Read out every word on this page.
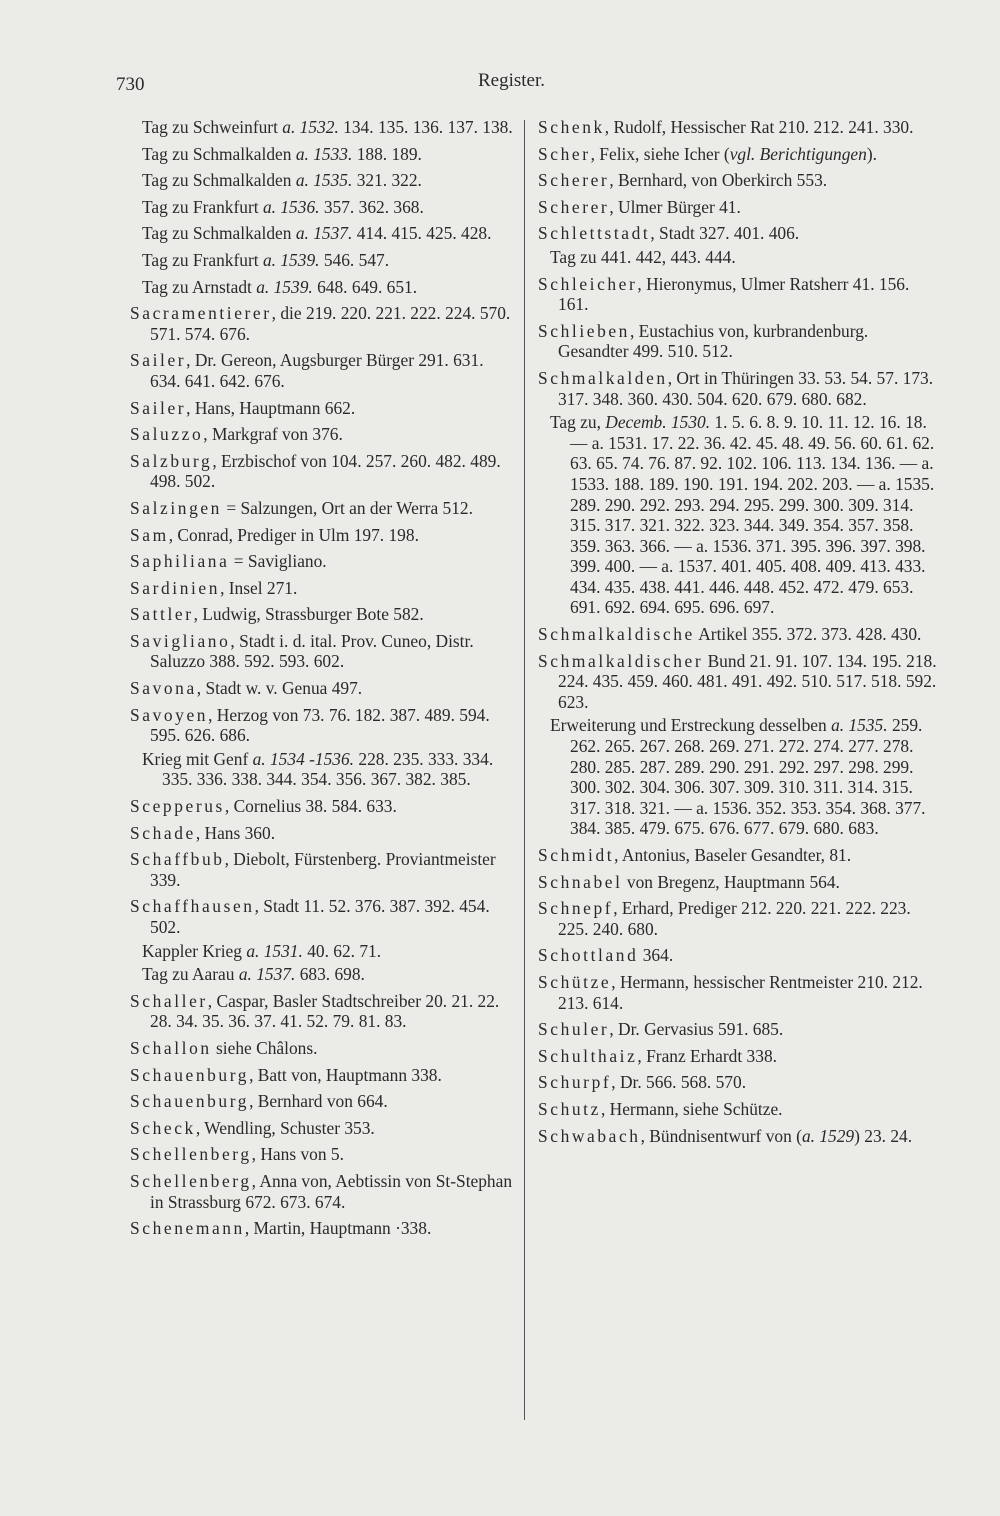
730	Register.
Tag zu Schweinfurt a. 1532. 134. 135. 136. 137. 138.
Tag zu Schmalkalden a. 1533. 188. 189.
Tag zu Schmalkalden a. 1535. 321. 322.
Tag zu Frankfurt a. 1536. 357. 362. 368.
Tag zu Schmalkalden a. 1537. 414. 415. 425. 428.
Tag zu Frankfurt a. 1539. 546. 547.
Tag zu Arnstadt a. 1539. 648. 649. 651.
Sacramentierer, die 219. 220. 221. 222. 224. 570. 571. 574. 676.
Sailer, Dr. Gereon, Augsburger Bürger 291. 631. 634. 641. 642. 676.
Sailer, Hans, Hauptmann 662.
Saluzzo, Markgraf von 376.
Salzburg, Erzbischof von 104. 257. 260. 482. 489. 498. 502.
Salzingen = Salzungen, Ort an der Werra 512.
Sam, Conrad, Prediger in Ulm 197. 198.
Saphiliana = Savigliano.
Sardinien, Insel 271.
Sattler, Ludwig, Strassburger Bote 582.
Savigliano, Stadt i. d. ital. Prov. Cuneo, Distr. Saluzzo 388. 592. 593. 602.
Savona, Stadt w. v. Genua 497.
Savoyen, Herzog von 73. 76. 182. 387. 489. 594. 595. 626. 686.
Krieg mit Genf a. 1534 -1536. 228. 235. 333. 334. 335. 336. 338. 344. 354. 356. 367. 382. 385.
Scepperus, Cornelius 38. 584. 633.
Schade, Hans 360.
Schaffbub, Diebolt, Fürstenberg. Proviantmeister 339.
Schaffhausen, Stadt 11. 52. 376. 387. 392. 454. 502.
Kappler Krieg a. 1531. 40. 62. 71.
Tag zu Aarau a. 1537. 683. 698.
Schaller, Caspar, Basler Stadtschreiber 20. 21. 22. 28. 34. 35. 36. 37. 41. 52. 79. 81. 83.
Schallon siehe Châlons.
Schauenburg, Batt von, Hauptmann 338.
Schauenburg, Bernhard von 664.
Scheck, Wendling, Schuster 353.
Schellenberg, Hans von 5.
Schellenberg, Anna von, Aebtissin von St-Stephan in Strassburg 672. 673. 674.
Schenemann, Martin, Hauptmann ·338.
Schenk, Rudolf, Hessischer Rat 210. 212. 241. 330.
Scher, Felix, siehe Icher (vgl. Berichtigungen).
Scherer, Bernhard, von Oberkirch 553.
Scherer, Ulmer Bürger 41.
Schlettstadt, Stadt 327. 401. 406.
Tag zu 441. 442, 443. 444.
Schleicher, Hieronymus, Ulmer Ratsherr 41. 156. 161.
Schlieben, Eustachius von, kurbrandenburg. Gesandter 499. 510. 512.
Schmalkalden, Ort in Thüringen 33. 53. 54. 57. 173. 317. 348. 360. 430. 504. 620. 679. 680. 682.
Tag zu, Decemb. 1530. 1. 5. 6. 8. 9. 10. 11. 12. 16. 18. — a. 1531. 17. 22. 36. 42. 45. 48. 49. 56. 60. 61. 62. 63. 65. 74. 76. 87. 92. 102. 106. 113. 134. 136. — a. 1533. 188. 189. 190. 191. 194. 202. 203. — a. 1535. 289. 290. 292. 293. 294. 295. 299. 300. 309. 314. 315. 317. 321. 322. 323. 344. 349. 354. 357. 358. 359. 363. 366. — a. 1536. 371. 395. 396. 397. 398. 399. 400. — a. 1537. 401. 405. 408. 409. 413. 433. 434. 435. 438. 441. 446. 448. 452. 472. 479. 653. 691. 692. 694. 695. 696. 697.
Schmalkaldische Artikel 355. 372. 373. 428. 430.
Schmalkaldischer Bund 21. 91. 107. 134. 195. 218. 224. 435. 459. 460. 481. 491. 492. 510. 517. 518. 592. 623.
Erweiterung und Erstreckung desselben a. 1535. 259. 262. 265. 267. 268. 269. 271. 272. 274. 277. 278. 280. 285. 287. 289. 290. 291. 292. 297. 298. 299. 300. 302. 304. 306. 307. 309. 310. 311. 314. 315. 317. 318. 321. — a. 1536. 352. 353. 354. 368. 377. 384. 385. 479. 675. 676. 677. 679. 680. 683.
Schmidt, Antonius, Baseler Gesandter, 81.
Schnabel von Bregenz, Hauptmann 564.
Schnepf, Erhard, Prediger 212. 220. 221. 222. 223. 225. 240. 680.
Schottland 364.
Schütze, Hermann, hessischer Rentmeister 210. 212. 213. 614.
Schuler, Dr. Gervasius 591. 685.
Schulthaiz, Franz Erhardt 338.
Schurpf, Dr. 566. 568. 570.
Schutz, Hermann, siehe Schütze.
Schwabach, Bündnisentwurf von (a. 1529) 23. 24.
